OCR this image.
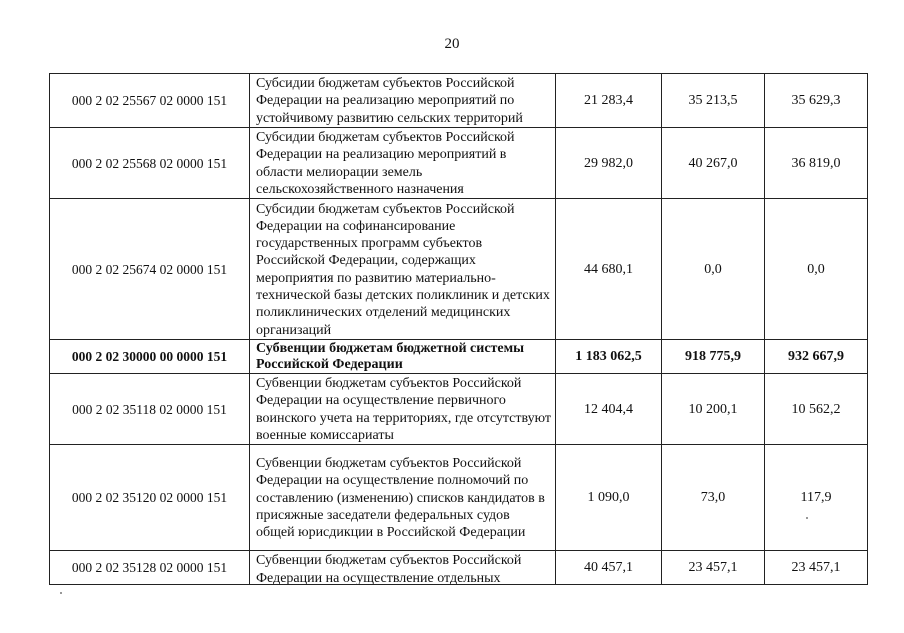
20
000 2 02 25567 02 0000 151	Субсидии бюджетам субъектов Российской Федерации на реализацию мероприятий по устойчивому развитию сельских территорий	21 283,4	35 213,5	35 629,3
000 2 02 25568 02 0000 151	Субсидии бюджетам субъектов Российской Федерации на реализацию мероприятий в области мелиорации земель сельскохозяйственного назначения	29 982,0	40 267,0	36 819,0
000 2 02 25674 02 0000 151	Субсидии бюджетам субъектов Российской Федерации на софинансирование государственных программ субъектов Российской Федерации, содержащих мероприятия по развитию материально-технической базы детских поликлиник и детских поликлинических отделений медицинских организаций	44 680,1	0,0	0,0
000 2 02 30000 00 0000 151	Субвенции бюджетам бюджетной системы Российской Федерации	1 183 062,5	918 775,9	932 667,9
000 2 02 35118 02 0000 151	Субвенции бюджетам субъектов Российской Федерации на осуществление первичного воинского учета на территориях, где отсутствуют военные комиссариаты	12 404,4	10 200,1	10 562,2
000 2 02 35120 02 0000 151	Субвенции бюджетам субъектов Российской Федерации на осуществление полномочий по составлению (изменению) списков кандидатов в присяжные заседатели федеральных судов общей юрисдикции в Российской Федерации	1 090,0	73,0	117,9
000 2 02 35128 02 0000 151	Субвенции бюджетам субъектов Российской Федерации на осуществление отдельных	40 457,1	23 457,1	23 457,1
